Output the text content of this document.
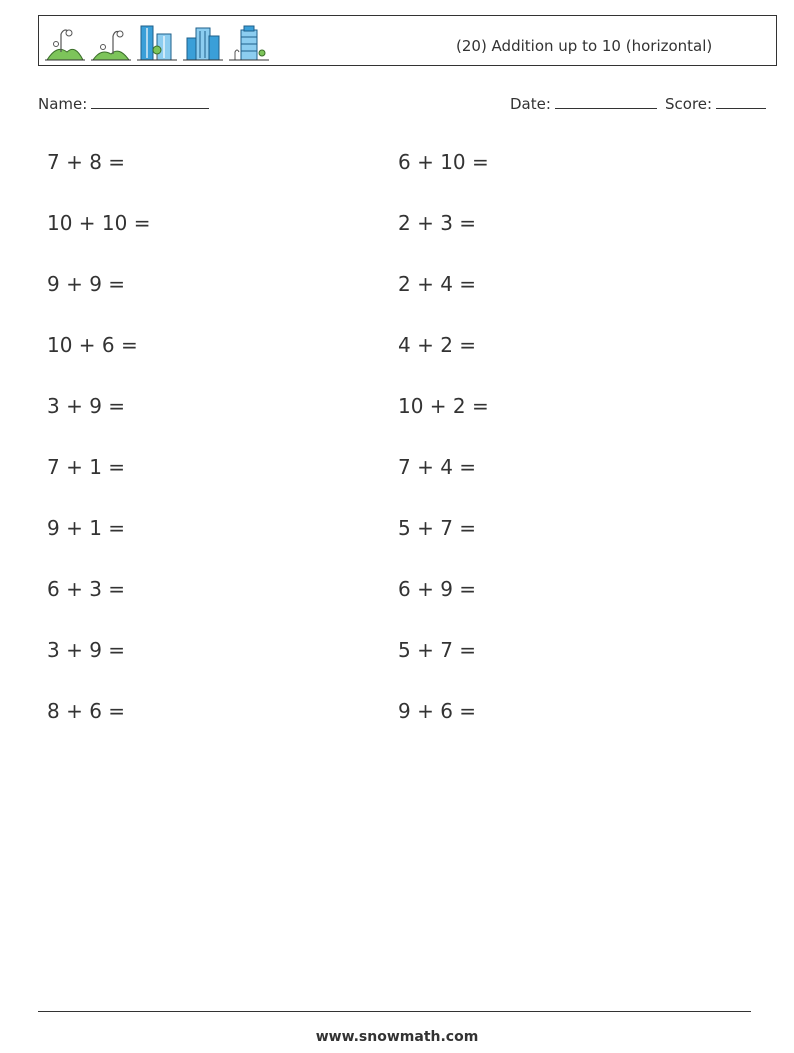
(20) Addition up to 10 (horizontal)
Name:	Date:	Score:
7 + 8 =
10 + 10 =
9 + 9 =
10 + 6 =
3 + 9 =
7 + 1 =
9 + 1 =
6 + 3 =
3 + 9 =
8 + 6 =
6 + 10 =
2 + 3 =
2 + 4 =
4 + 2 =
10 + 2 =
7 + 4 =
5 + 7 =
6 + 9 =
5 + 7 =
9 + 6 =
www.snowmath.com
